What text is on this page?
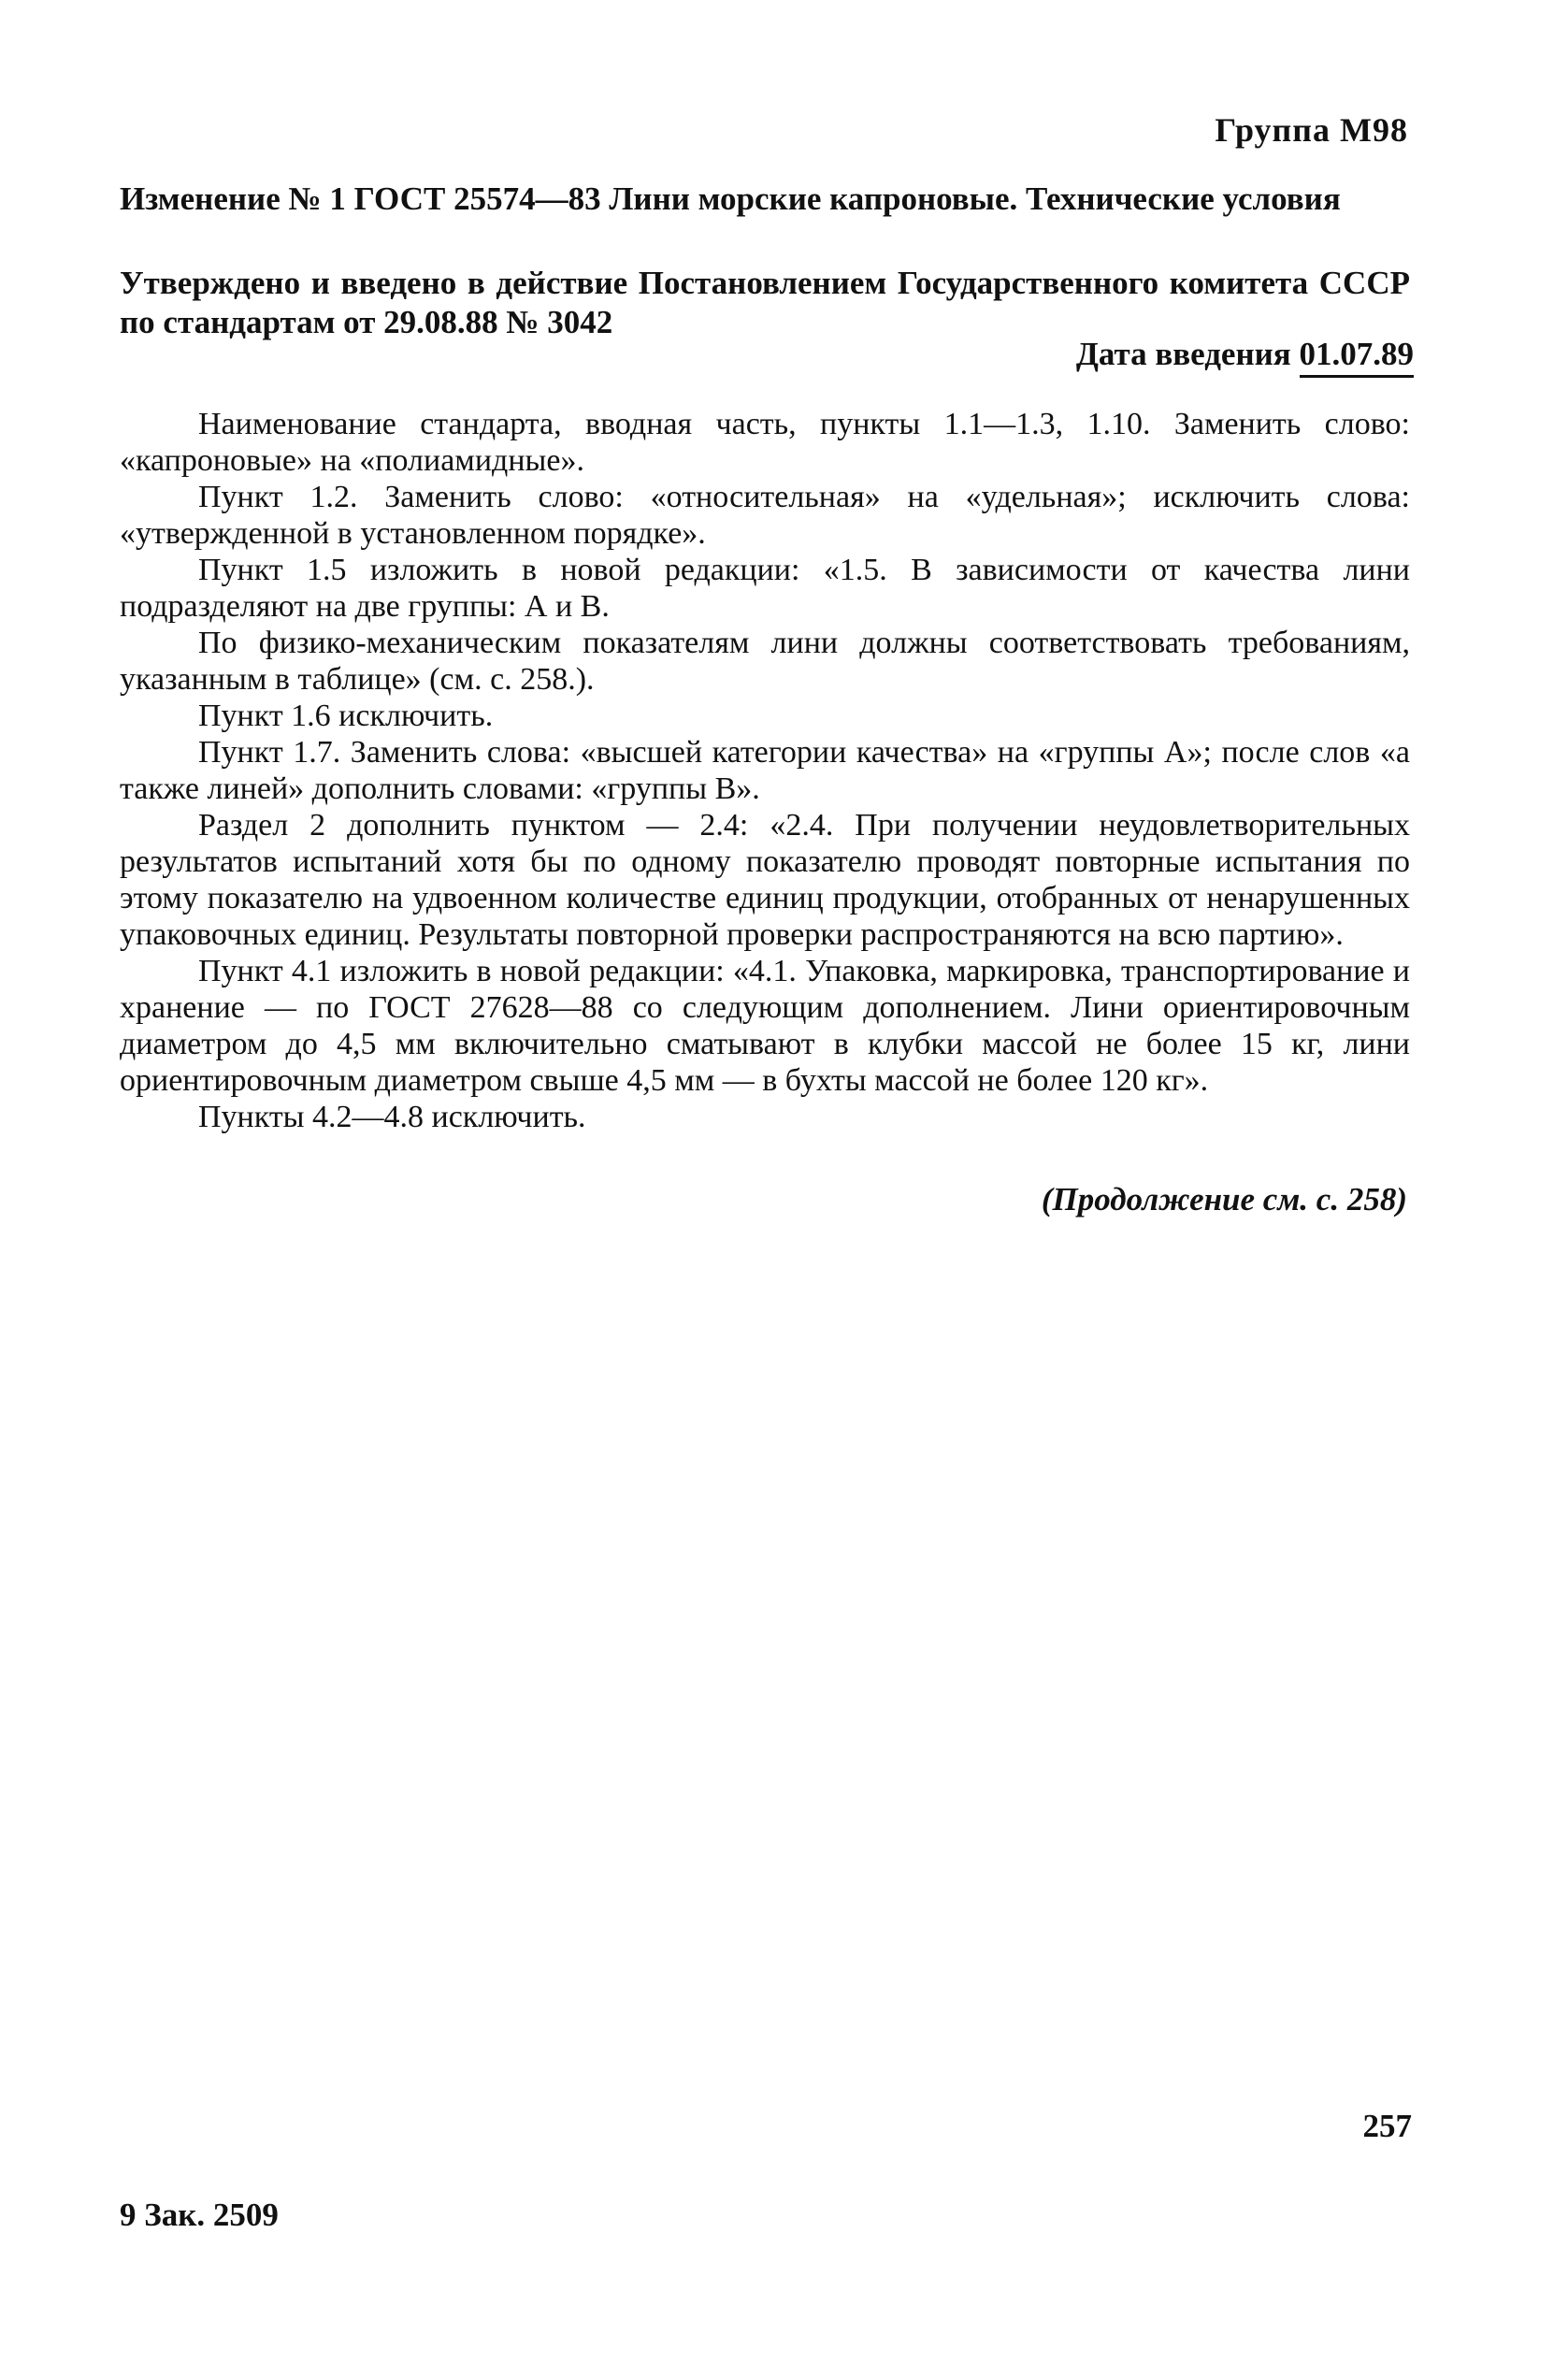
Группа М98
Изменение № 1 ГОСТ 25574—83 Лини морские капроновые. Технические условия
Утверждено и введено в действие Постановлением Государственного комитета СССР по стандартам от 29.08.88 № 3042
Дата введения 01.07.89

Наименование стандарта, вводная часть, пункты 1.1—1.3, 1.10. Заменить слово: «капроновые» на «полиамидные».

Пункт 1.2. Заменить слово: «относительная» на «удельная»; исключить слова: «утвержденной в установленном порядке».

Пункт 1.5 изложить в новой редакции: «1.5. В зависимости от качества лини подразделяют на две группы: А и В.

По физико-механическим показателям лини должны соответствовать требованиям, указанным в таблице» (см. с. 258.).

Пункт 1.6 исключить.

Пункт 1.7. Заменить слова: «высшей категории качества» на «группы А»; после слов «а также линей» дополнить словами: «группы В».

Раздел 2 дополнить пунктом — 2.4: «2.4. При получении неудовлетворительных результатов испытаний хотя бы по одному показателю проводят повторные испытания по этому показателю на удвоенном количестве единиц продукции, отобранных от ненарушенных упаковочных единиц. Результаты повторной проверки распространяются на всю партию».

Пункт 4.1 изложить в новой редакции: «4.1. Упаковка, маркировка, транспортирование и хранение — по ГОСТ 27628—88 со следующим дополнением. Лини ориентировочным диаметром до 4,5 мм включительно сматывают в клубки массой не более 15 кг, лини ориентировочным диаметром свыше 4,5 мм — в бухты массой не более 120 кг».

Пункты 4.2—4.8 исключить.

(Продолжение см. с. 258)
257
9 Зак. 2509
